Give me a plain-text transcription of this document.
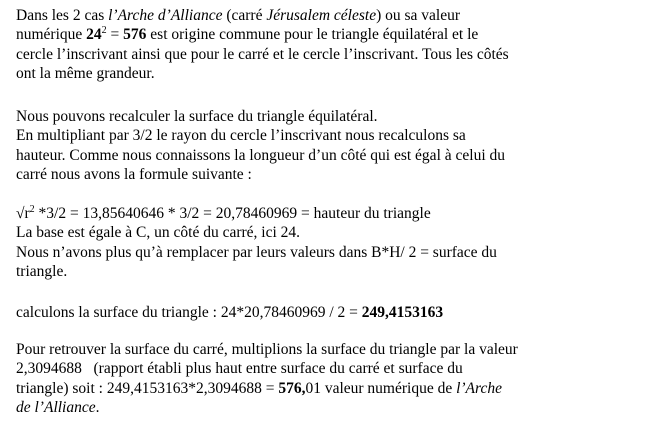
Dans les 2 cas l’Arche d’Alliance (carré Jérusalem céleste) ou sa valeur
numérique $24^2 = 576$ est origine commune pour le triangle équilatéral et le
cercle l’inscrivant ainsi que pour le carré et le cercle l’inscrivant. Tous les côtés
ont la même grandeur.
Nous pouvons recalculer la surface du triangle équilatéral.
En multipliant par 3/2 le rayon du cercle l’inscrivant nous recalculons sa
hauteur. Comme nous connaissons la longueur d’un côté qui est égal à celui du
carré nous avons la formule suivante :
$√r^2$ *3/2 = 13,85640646 * 3/2 = 20,78460969 = hauteur du triangle
La base est égale à C, un côté du carré, ici 24.
Nous n’avons plus qu’à remplacer par leurs valeurs dans B*H/ 2 = surface du
triangle.
calculons la surface du triangle : 24*20,78460969 / 2 = 249,4153163
Pour retrouver la surface du carré, multiplions la surface du triangle par la valeur
2,3094688   (rapport établi plus haut entre surface du carré et surface du
triangle) soit : 249,4153163*2,3094688 = 576,01 valeur numérique de l’Arche
de l’Alliance.
